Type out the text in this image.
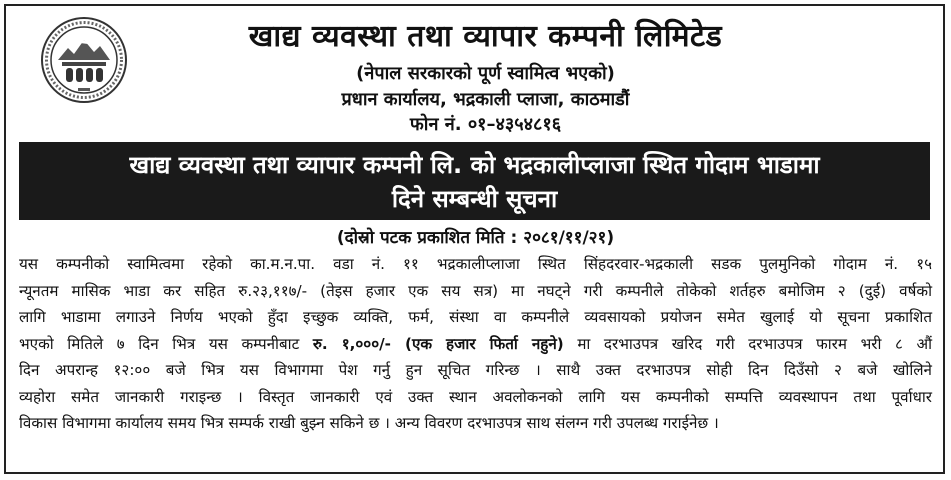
खाद्य व्यवस्था तथा व्यापार कम्पनी लिमिटेड
(नेपाल सरकारको पूर्ण स्वामित्व भएको)
प्रधान कार्यालय, भद्रकाली प्लाजा, काठमाडौं
फोन नं. ०१–४३५४८१६
खाद्य व्यवस्था तथा व्यापार कम्पनी लि. को भद्रकालीप्लाजा स्थित गोदाम भाडामा
दिने सम्बन्धी सूचना
(दोस्रो पटक प्रकाशित मिति : २०८१/११/२१)
यस कम्पनीको स्वामित्वमा रहेको का.म.न.पा. वडा नं. ११ भद्रकालीप्लाजा स्थित सिंहदरवार-भद्रकाली सडक पुलमुनिको गोदाम नं. १५
न्यूनतम मासिक भाडा कर सहित रु.२३,११७/- (तेइस हजार एक सय सत्र) मा नघट्ने गरी कम्पनीले तोकेको शर्तहरु बमोजिम २ (दुई) वर्षको
लागि भाडामा लगाउने निर्णय भएको हुँदा इच्छुक व्यक्ति, फर्म, संस्था वा कम्पनीले व्यवसायको प्रयोजन समेत खुलाई यो सूचना प्रकाशित
भएको मितिले ७ दिन भित्र यस कम्पनीबाट रु. १,०००/- (एक हजार फिर्ता नहुने) मा दरभाउपत्र खरिद गरी दरभाउपत्र फारम भरी ८ औं
दिन अपरान्ह १२:०० बजे भित्र यस विभागमा पेश गर्नु हुन सूचित गरिन्छ । साथै उक्त दरभाउपत्र सोही दिन दिउँसो २ बजे खोलिने
व्यहोरा समेत जानकारी गराइन्छ । विस्तृत जानकारी एवं उक्त स्थान अवलोकनको लागि यस कम्पनीको सम्पत्ति व्यवस्थापन तथा पूर्वाधार
विकास विभागमा कार्यालय समय भित्र सम्पर्क राखी बुझ्न सकिने छ । अन्य विवरण दरभाउपत्र साथ संलग्न गरी उपलब्ध गराईनेछ ।
